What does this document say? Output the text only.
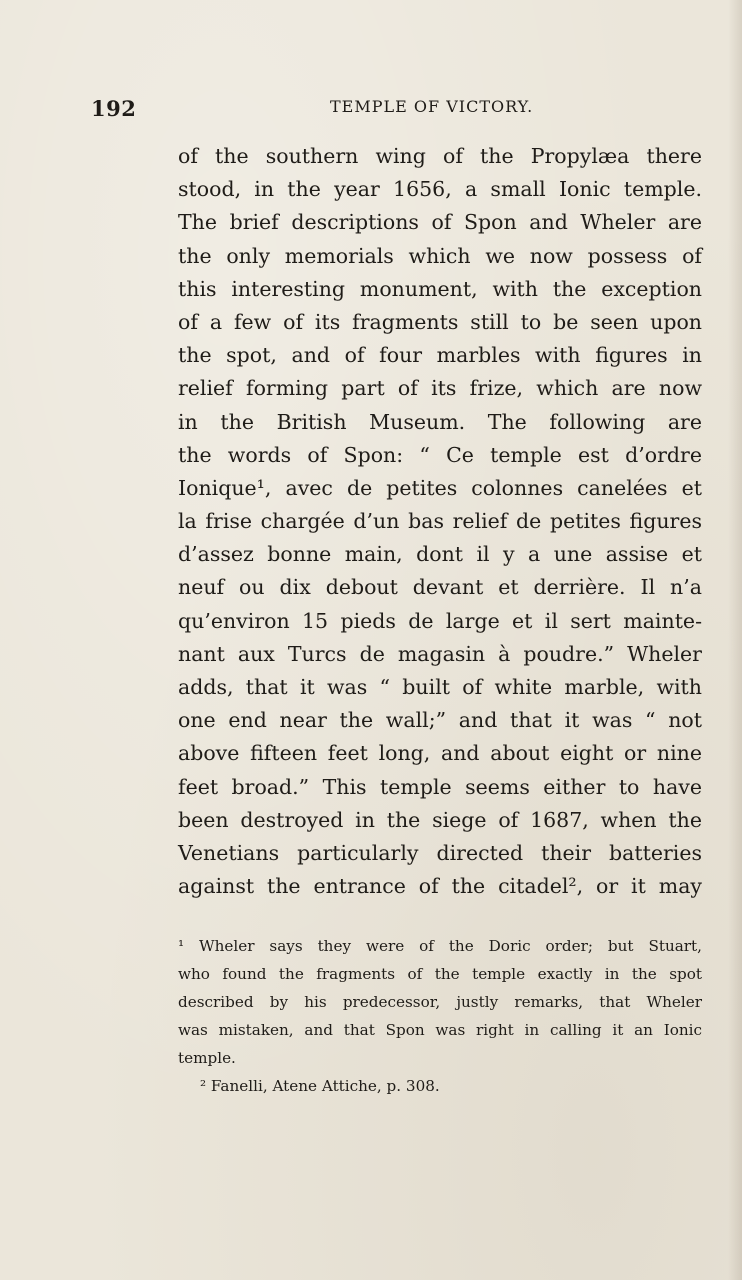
192	TEMPLE OF VICTORY.
of the southern wing of the Propylæa there
stood, in the year 1656, a small Ionic temple.
The brief descriptions of Spon and Wheler are
the only memorials which we now possess of
this interesting monument, with the exception
of a few of its fragments still to be seen upon
the spot, and of four marbles with figures in
relief forming part of its frize, which are now
in the British Museum. The following are
the words of Spon: “ Ce temple est d’ordre
Ionique¹, avec de petites colonnes canelées et
la frise chargée d’un bas relief de petites figures
d’assez bonne main, dont il y a une assise et
neuf ou dix debout devant et derrière. Il n’a
qu’environ 15 pieds de large et il sert mainte-
nant aux Turcs de magasin à poudre.” Wheler
adds, that it was “ built of white marble, with
one end near the wall;” and that it was “ not
above fifteen feet long, and about eight or nine
feet broad.” This temple seems either to have
been destroyed in the siege of 1687, when the
Venetians particularly directed their batteries
against the entrance of the citadel², or it may
¹ Wheler says they were of the Doric order; but Stuart,
who found the fragments of the temple exactly in the spot
described by his predecessor, justly remarks, that Wheler
was mistaken, and that Spon was right in calling it an Ionic
temple.
² Fanelli, Atene Attiche, p. 308.
